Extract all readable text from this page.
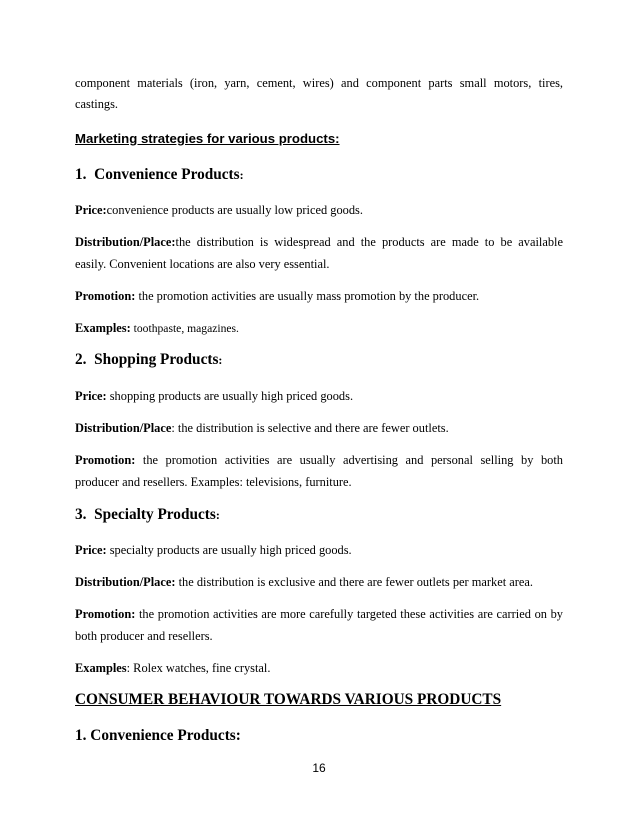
component materials (iron, yarn, cement, wires) and component parts small motors, tires,
castings.
Marketing strategies for various products:
1. Convenience Products:
Price:convenience products are usually low priced goods.
Distribution/Place:the distribution is widespread and the products are made to be available
easily. Convenient locations are also very essential.
Promotion: the promotion activities are usually mass promotion by the producer.
Examples: toothpaste, magazines.
2. Shopping Products:
Price: shopping products are usually high priced goods.
Distribution/Place: the distribution is selective and there are fewer outlets.
Promotion: the promotion activities are usually advertising and personal selling by both
producer and resellers. Examples: televisions, furniture.
3. Specialty Products:
Price: specialty products are usually high priced goods.
Distribution/Place: the distribution is exclusive and there are fewer outlets per market area.
Promotion: the promotion activities are more carefully targeted these activities are carried on by
both producer and resellers.
Examples: Rolex watches, fine crystal.
CONSUMER BEHAVIOUR TOWARDS VARIOUS PRODUCTS
1. Convenience Products:
16
